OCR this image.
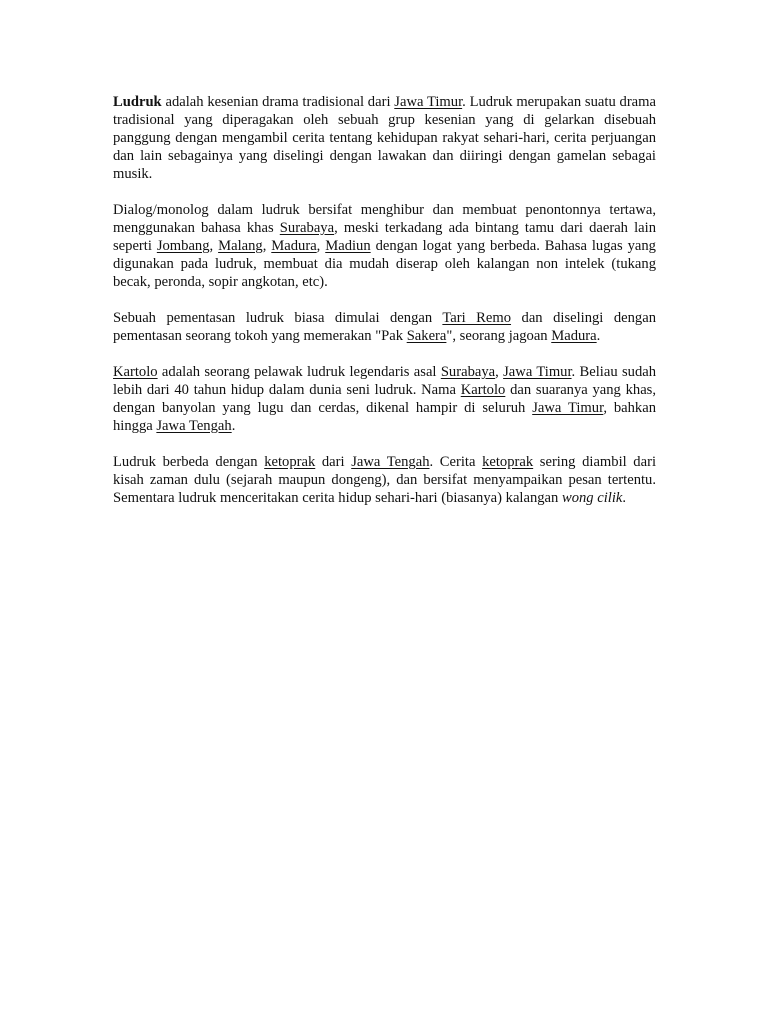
Ludruk adalah kesenian drama tradisional dari Jawa Timur. Ludruk merupakan suatu drama tradisional yang diperagakan oleh sebuah grup kesenian yang di gelarkan disebuah panggung dengan mengambil cerita tentang kehidupan rakyat sehari-hari, cerita perjuangan dan lain sebagainya yang diselingi dengan lawakan dan diiringi dengan gamelan sebagai musik.

Dialog/monolog dalam ludruk bersifat menghibur dan membuat penontonnya tertawa, menggunakan bahasa khas Surabaya, meski terkadang ada bintang tamu dari daerah lain seperti Jombang, Malang, Madura, Madiun dengan logat yang berbeda. Bahasa lugas yang digunakan pada ludruk, membuat dia mudah diserap oleh kalangan non intelek (tukang becak, peronda, sopir angkotan, etc).

Sebuah pementasan ludruk biasa dimulai dengan Tari Remo dan diselingi dengan pementasan seorang tokoh yang memerakan "Pak Sakera", seorang jagoan Madura.

Kartolo adalah seorang pelawak ludruk legendaris asal Surabaya, Jawa Timur. Beliau sudah lebih dari 40 tahun hidup dalam dunia seni ludruk. Nama Kartolo dan suaranya yang khas, dengan banyolan yang lugu dan cerdas, dikenal hampir di seluruh Jawa Timur, bahkan hingga Jawa Tengah.

Ludruk berbeda dengan ketoprak dari Jawa Tengah. Cerita ketoprak sering diambil dari kisah zaman dulu (sejarah maupun dongeng), dan bersifat menyampaikan pesan tertentu. Sementara ludruk menceritakan cerita hidup sehari-hari (biasanya) kalangan wong cilik.
